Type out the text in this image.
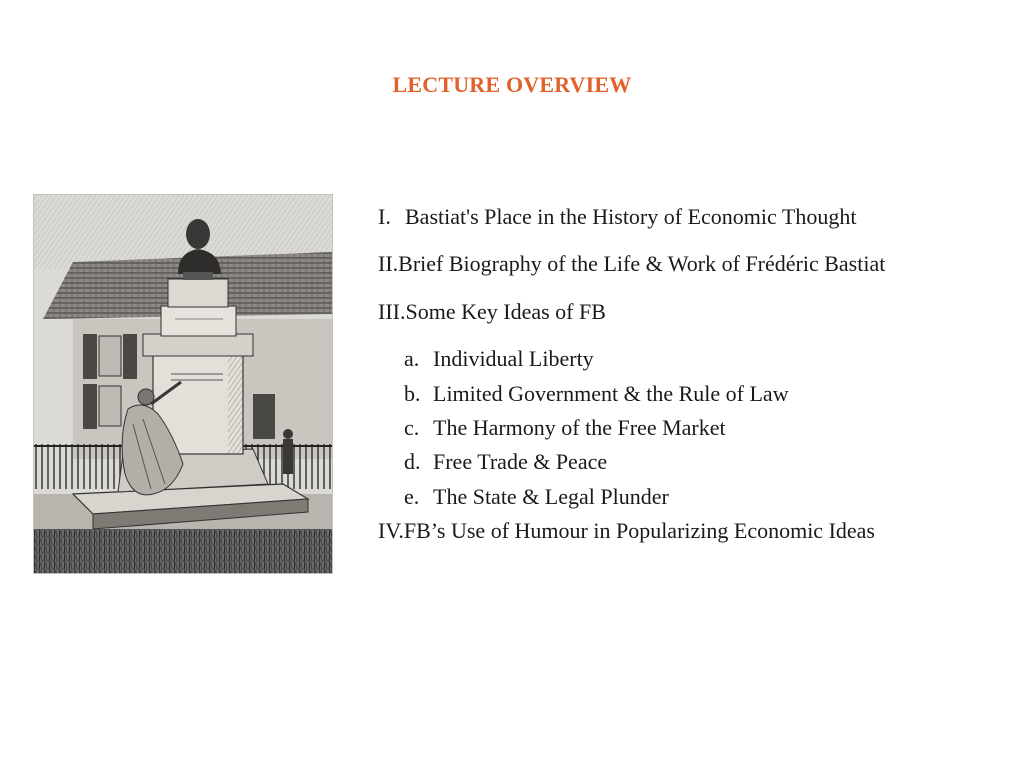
LECTURE OVERVIEW
I. Bastiat's Place in the History of Economic Thought
II. Brief Biography of the Life & Work of Frédéric Bastiat
III. Some Key Ideas of FB
a. Individual Liberty
b. Limited Government & the Rule of Law
c. The Harmony of the Free Market
d. Free Trade & Peace
e. The State & Legal Plunder
IV. FB’s Use of Humour in Popularizing Economic Ideas
